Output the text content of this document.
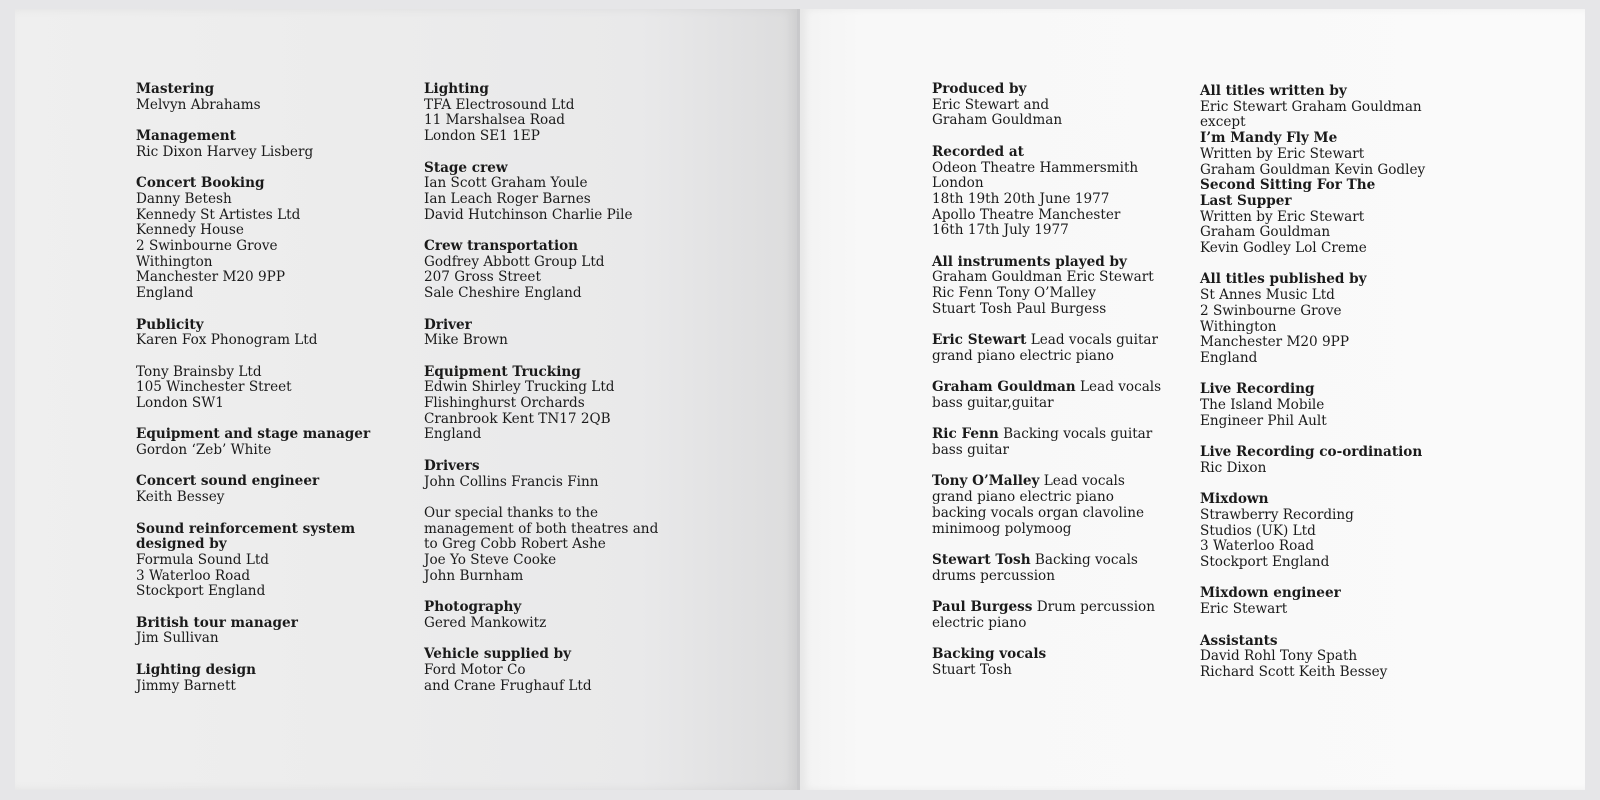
Mastering
Melvyn Abrahams
Management
Ric Dixon Harvey Lisberg
Concert Booking
Danny Betesh
Kennedy St Artistes Ltd
Kennedy House
2 Swinbourne Grove
Withington
Manchester M20 9PP
England
Publicity
Karen Fox Phonogram Ltd
Tony Brainsby Ltd
105 Winchester Street
London SW1
Equipment and stage manager
Gordon ‘Zeb’ White
Concert sound engineer
Keith Bessey
Sound reinforcement system
designed by
Formula Sound Ltd
3 Waterloo Road
Stockport England
British tour manager
Jim Sullivan
Lighting design
Jimmy Barnett
Lighting
TFA Electrosound Ltd
11 Marshalsea Road
London SE1 1EP
Stage crew
Ian Scott Graham Youle
Ian Leach Roger Barnes
David Hutchinson Charlie Pile
Crew transportation
Godfrey Abbott Group Ltd
207 Gross Street
Sale Cheshire England
Driver
Mike Brown
Equipment Trucking
Edwin Shirley Trucking Ltd
Flishinghurst Orchards
Cranbrook Kent TN17 2QB
England
Drivers
John Collins Francis Finn
Our special thanks to the
management of both theatres and
to Greg Cobb Robert Ashe
Joe Yo Steve Cooke
John Burnham
Photography
Gered Mankowitz
Vehicle supplied by
Ford Motor Co
and Crane Frughauf Ltd
Produced by
Eric Stewart and
Graham Gouldman
Recorded at
Odeon Theatre Hammersmith
London
18th 19th 20th June 1977
Apollo Theatre Manchester
16th 17th July 1977
All instruments played by
Graham Gouldman Eric Stewart
Ric Fenn Tony O’Malley
Stuart Tosh Paul Burgess
Eric Stewart Lead vocals guitar
grand piano electric piano
Graham Gouldman Lead vocals
bass guitar,guitar
Ric Fenn Backing vocals guitar
bass guitar
Tony O’Malley Lead vocals
grand piano electric piano
backing vocals organ clavoline
minimoog polymoog
Stewart Tosh Backing vocals
drums percussion
Paul Burgess Drum percussion
electric piano
Backing vocals
Stuart Tosh
All titles written by
Eric Stewart Graham Gouldman
except
I’m Mandy Fly Me
Written by Eric Stewart
Graham Gouldman Kevin Godley
Second Sitting For The
Last Supper
Written by Eric Stewart
Graham Gouldman
Kevin Godley Lol Creme
All titles published by
St Annes Music Ltd
2 Swinbourne Grove
Withington
Manchester M20 9PP
England
Live Recording
The Island Mobile
Engineer Phil Ault
Live Recording co-ordination
Ric Dixon
Mixdown
Strawberry Recording
Studios (UK) Ltd
3 Waterloo Road
Stockport England
Mixdown engineer
Eric Stewart
Assistants
David Rohl Tony Spath
Richard Scott Keith Bessey
